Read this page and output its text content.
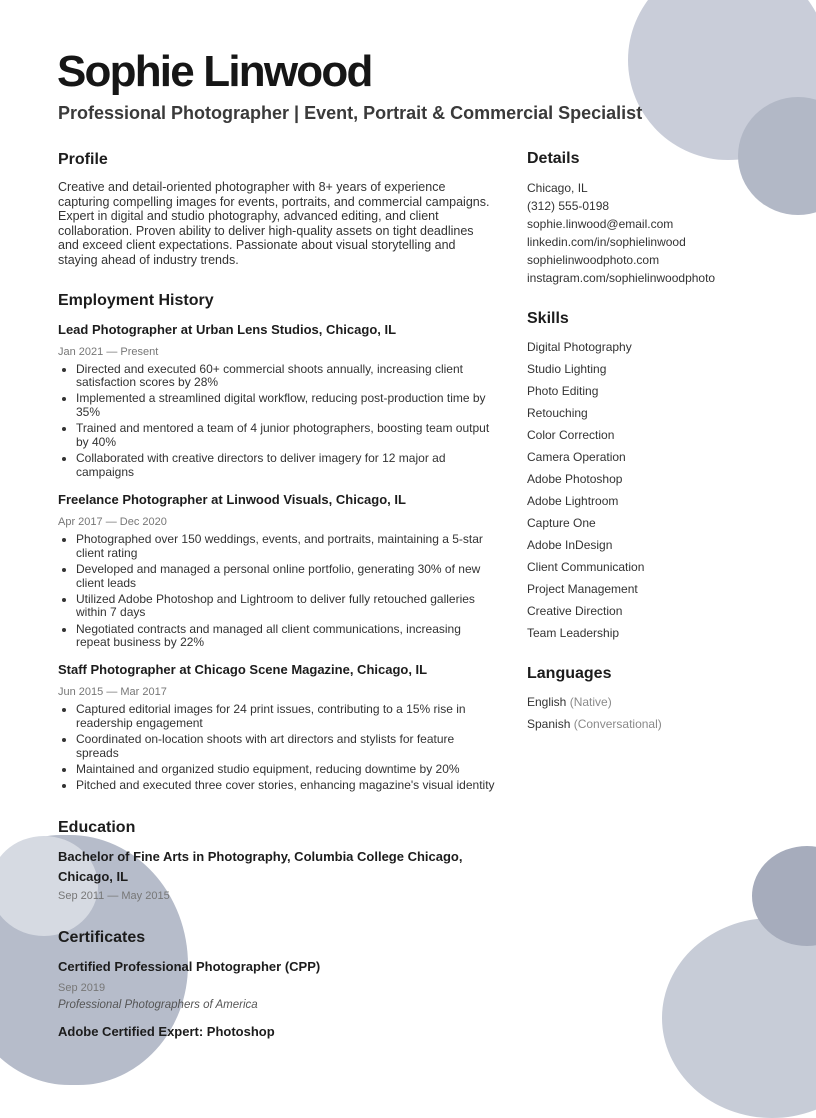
Sophie Linwood
Professional Photographer | Event, Portrait & Commercial Specialist
Profile

Creative and detail-oriented photographer with 8+ years of experience capturing compelling images for events, portraits, and commercial campaigns. Expert in digital and studio photography, advanced editing, and client collaboration. Proven ability to deliver high-quality assets on tight deadlines and exceed client expectations. Passionate about visual storytelling and staying ahead of industry trends.

Employment History

Lead Photographer at Urban Lens Studios, Chicago, IL

Jan 2021 — Present

• Directed and executed 60+ commercial shoots annually, increasing client satisfaction scores by 28%
• Implemented a streamlined digital workflow, reducing post-production time by 35%
• Trained and mentored a team of 4 junior photographers, boosting team output by 40%
• Collaborated with creative directors to deliver imagery for 12 major ad campaigns

Freelance Photographer at Linwood Visuals, Chicago, IL

Apr 2017 — Dec 2020

• Photographed over 150 weddings, events, and portraits, maintaining a 5-star client rating
• Developed and managed a personal online portfolio, generating 30% of new client leads
• Utilized Adobe Photoshop and Lightroom to deliver fully retouched galleries within 7 days
• Negotiated contracts and managed all client communications, increasing repeat business by 22%

Staff Photographer at Chicago Scene Magazine, Chicago, IL

Jun 2015 — Mar 2017

• Captured editorial images for 24 print issues, contributing to a 15% rise in readership engagement
• Coordinated on-location shoots with art directors and stylists for feature spreads
• Maintained and organized studio equipment, reducing downtime by 20%
• Pitched and executed three cover stories, enhancing magazine's visual identity
Education

Bachelor of Fine Arts in Photography, Columbia College Chicago, Chicago, IL

Sep 2011 — May 2015

Certificates

Certified Professional Photographer (CPP)

Sep 2019

Professional Photographers of America

Adobe Certified Expert: Photoshop

Details

Chicago, IL

(312) 555-0198

sophie.linwood@email.com

linkedin.com/in/sophielinwood

sophielinwoodphoto.com

instagram.com/sophielinwoodphoto

Skills

Digital Photography

Studio Lighting

Photo Editing

Retouching

Color Correction

Camera Operation

Adobe Photoshop

Adobe Lightroom

Capture One

Adobe InDesign

Client Communication

Project Management

Creative Direction

Team Leadership

Languages

English (Native)

Spanish (Conversational)
